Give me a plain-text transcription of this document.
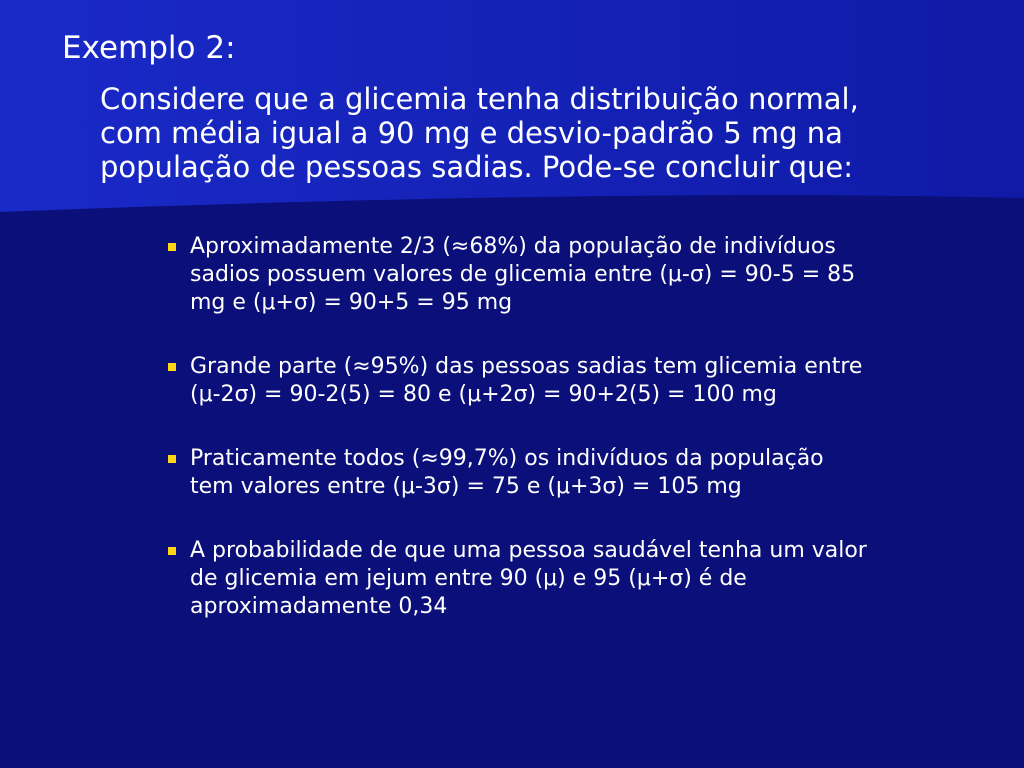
Exemplo 2:
Considere que a glicemia tenha distribuição normal,
com média igual a 90 mg e desvio-padrão 5 mg na
população de pessoas sadias. Pode-se concluir que:
Aproximadamente 2/3 (≈68%) da população de indivíduos
sadios possuem valores de glicemia entre (μ-σ) = 90-5 = 85
mg e (μ+σ) = 90+5 = 95 mg
Grande parte (≈95%) das pessoas sadias tem glicemia entre
(μ-2σ) = 90-2(5) = 80 e (μ+2σ) = 90+2(5) = 100 mg
Praticamente todos (≈99,7%) os indivíduos da população
tem valores entre (μ-3σ) = 75 e (μ+3σ) = 105 mg
A probabilidade de que uma pessoa saudável tenha um valor
de glicemia em jejum entre 90 (μ) e 95 (μ+σ) é de
aproximadamente 0,34
